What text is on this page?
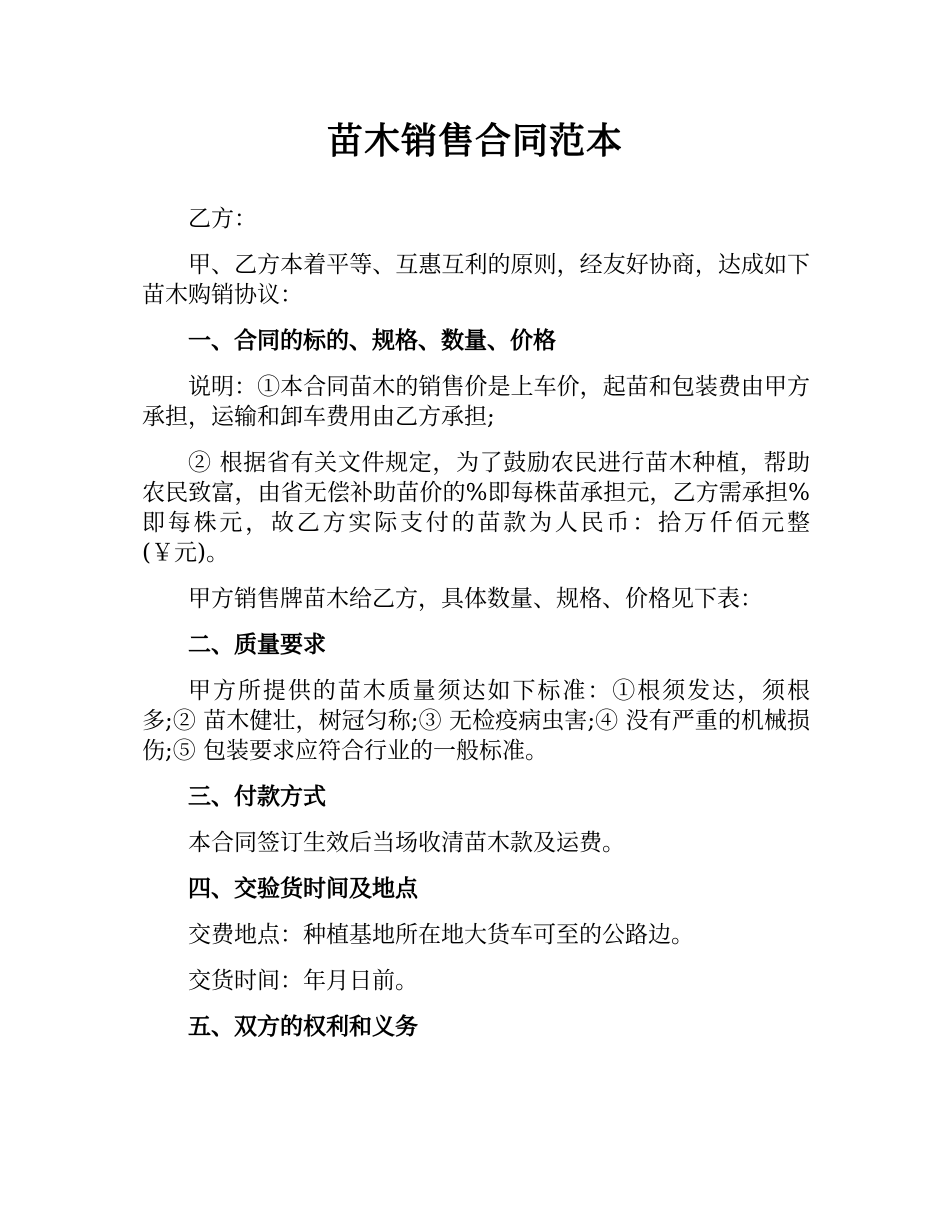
苗木销售合同范本

乙方：

甲、乙方本着平等、互惠互利的原则，经友好协商，达成如下苗木购销协议：

一、合同的标的、规格、数量、价格

说明：①本合同苗木的销售价是上车价，起苗和包装费由甲方承担，运输和卸车费用由乙方承担;

② 根据省有关文件规定，为了鼓励农民进行苗木种植，帮助农民致富，由省无偿补助苗价的%即每株苗承担元，乙方需承担%即每株元，故乙方实际支付的苗款为人民币：拾万仟佰元整(￥元)。

甲方销售牌苗木给乙方，具体数量、规格、价格见下表：

二、质量要求

甲方所提供的苗木质量须达如下标准：①根须发达，须根多;② 苗木健壮，树冠匀称;③ 无检疫病虫害;④ 没有严重的机械损伤;⑤ 包装要求应符合行业的一般标准。

三、付款方式

本合同签订生效后当场收清苗木款及运费。

四、交验货时间及地点

交费地点：种植基地所在地大货车可至的公路边。

交货时间：年月日前。

五、双方的权利和义务
